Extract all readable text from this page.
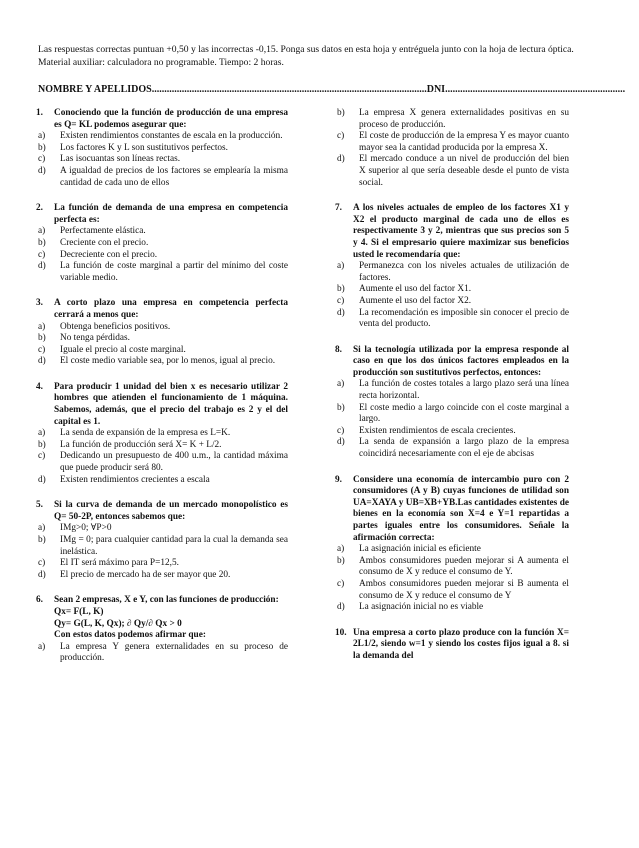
Las respuestas correctas puntuan +0,50 y las incorrectas -0,15. Ponga sus datos en esta hoja y entréguela junto con la hoja de lectura óptica. Material auxiliar: calculadora no programable. Tiempo: 2 horas.
NOMBRE Y APELLIDOS..............................................................................................................DNI........................................................................
1.	Conociendo que la función de producción de una empresa es Q= KL podemos asegurar que:
a)	Existen rendimientos constantes de escala en la producción.
b)	Los factores K y L son sustitutivos perfectos.
c)	Las isocuantas son líneas rectas.
d)	A igualdad de precios de los factores se emplearía la misma cantidad de cada uno de ellos
2.	La función de demanda de una empresa en competencia perfecta es:
a)	Perfectamente elástica.
b)	Creciente con el precio.
c)	Decreciente con el precio.
d)	La función de coste marginal a partir del mínimo del coste variable medio.
3.	A corto plazo una empresa en competencia perfecta cerrará a menos que:
a)	Obtenga beneficios positivos.
b)	No tenga pérdidas.
c)	Iguale el precio al coste marginal.
d)	El coste medio variable sea, por lo menos, igual al precio.
4.	Para producir 1 unidad del bien x es necesario utilizar 2 hombres que atienden el funcionamiento de 1 máquina. Sabemos, además, que el precio del trabajo es 2 y el del capital es 1.
a)	La senda de expansión de la empresa es L=K.
b)	La función de producción será X= K + L/2.
c)	Dedicando un presupuesto de 400 u.m., la cantidad máxima que puede producir será 80.
d)	Existen rendimientos crecientes a escala
5.	Si la curva de demanda de un mercado monopolístico es Q= 50-2P, entonces sabemos que:
a)	IMg>0; ∀P>0
b)	IMg = 0; para cualquier cantidad para la cual la demanda sea inelástica.
c)	El IT será máximo para P=12,5.
d)	El precio de mercado ha de ser mayor que 20.
6.	Sean 2 empresas, X e Y, con las funciones de producción:
Qx= F(L, K)
Qy= G(L, K, Qx); ∂ Qy/∂ Qx > 0
Con estos datos podemos afirmar que:
a)	La empresa Y genera externalidades en su proceso de producción.
b)	La empresa X genera externalidades positivas en su proceso de producción.
c)	El coste de producción de la empresa Y es mayor cuanto mayor sea la cantidad producida por la empresa X.
d)	El mercado conduce a un nivel de producción del bien X superior al que sería deseable desde el punto de vista social.
7.	A los niveles actuales de empleo de los factores X1 y X2 el producto marginal de cada uno de ellos es respectivamente 3 y 2, mientras que sus precios son 5 y 4. Si el empresario quiere maximizar sus beneficios usted le recomendaría que:
a)	Permanezca con los niveles actuales de utilización de factores.
b)	Aumente el uso del factor X1.
c)	Aumente el uso del factor X2.
d)	La recomendación es imposible sin conocer el precio de venta del producto.
8.	Si la tecnología utilizada por la empresa responde al caso en que los dos únicos factores empleados en la producción son sustitutivos perfectos, entonces:
a)	La función de costes totales a largo plazo será una línea recta horizontal.
b)	El coste medio a largo coincide con el coste marginal a largo.
c)	Existen rendimientos de escala crecientes.
d)	La senda de expansión a largo plazo de la empresa coincidirá necesariamente con el eje de abcisas
9.	Considere una economía de intercambio puro con 2 consumidores (A y B) cuyas funciones de utilidad son UA=XAYA y UB=XB+YB.Las cantidades existentes de bienes en la economía son X=4 e Y=1 repartidas a partes iguales entre los consumidores. Señale la afirmación correcta:
a)	La asignación inicial es eficiente
b)	Ambos consumidores pueden mejorar si A aumenta el consumo de X y reduce el consumo de Y.
c)	Ambos consumidores pueden mejorar si B aumenta el consumo de X y reduce el consumo de Y
d)	La asignación inicial no es viable
10. Una empresa a corto plazo produce con la función X= 2L1/2, siendo w=1 y siendo los costes fijos igual a 8. si la demanda del
